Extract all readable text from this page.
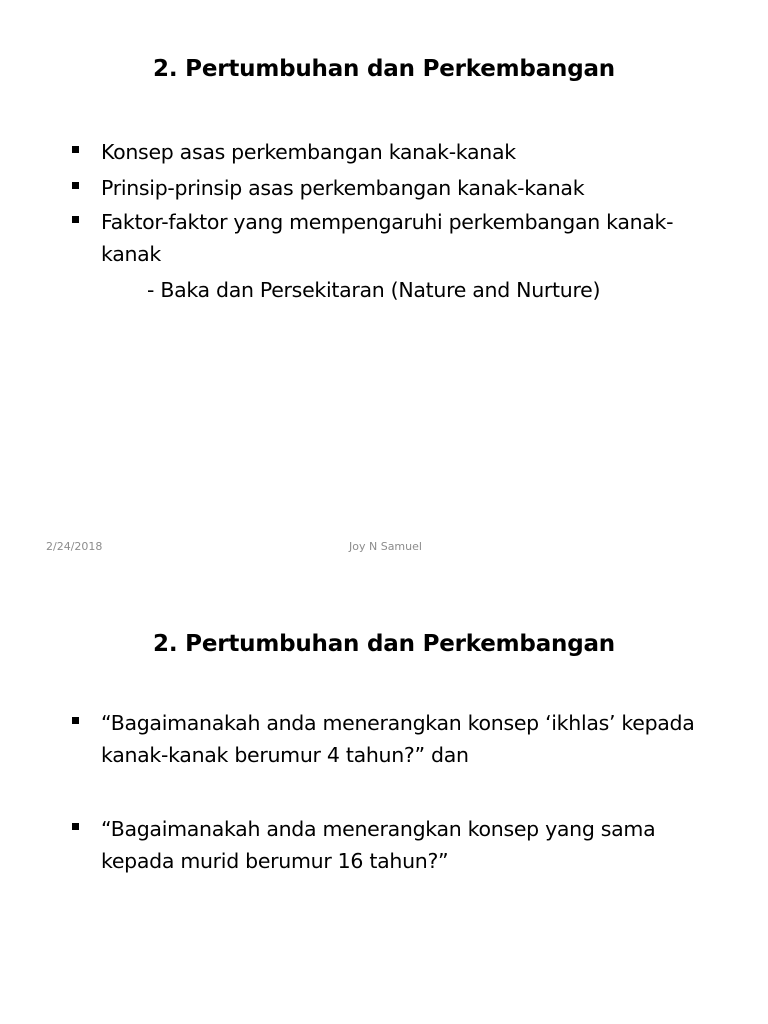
2. Pertumbuhan dan Perkembangan
Konsep asas perkembangan kanak-kanak
Prinsip-prinsip asas perkembangan kanak-kanak
Faktor-faktor yang mempengaruhi perkembangan kanak-kanak
- Baka dan Persekitaran (Nature and Nurture)
2/24/2018	Joy N Samuel
2. Pertumbuhan dan Perkembangan
“Bagaimanakah anda menerangkan konsep ‘ikhlas’ kepada kanak-kanak berumur 4 tahun?” dan
“Bagaimanakah anda menerangkan konsep yang sama kepada murid berumur 16 tahun?”
